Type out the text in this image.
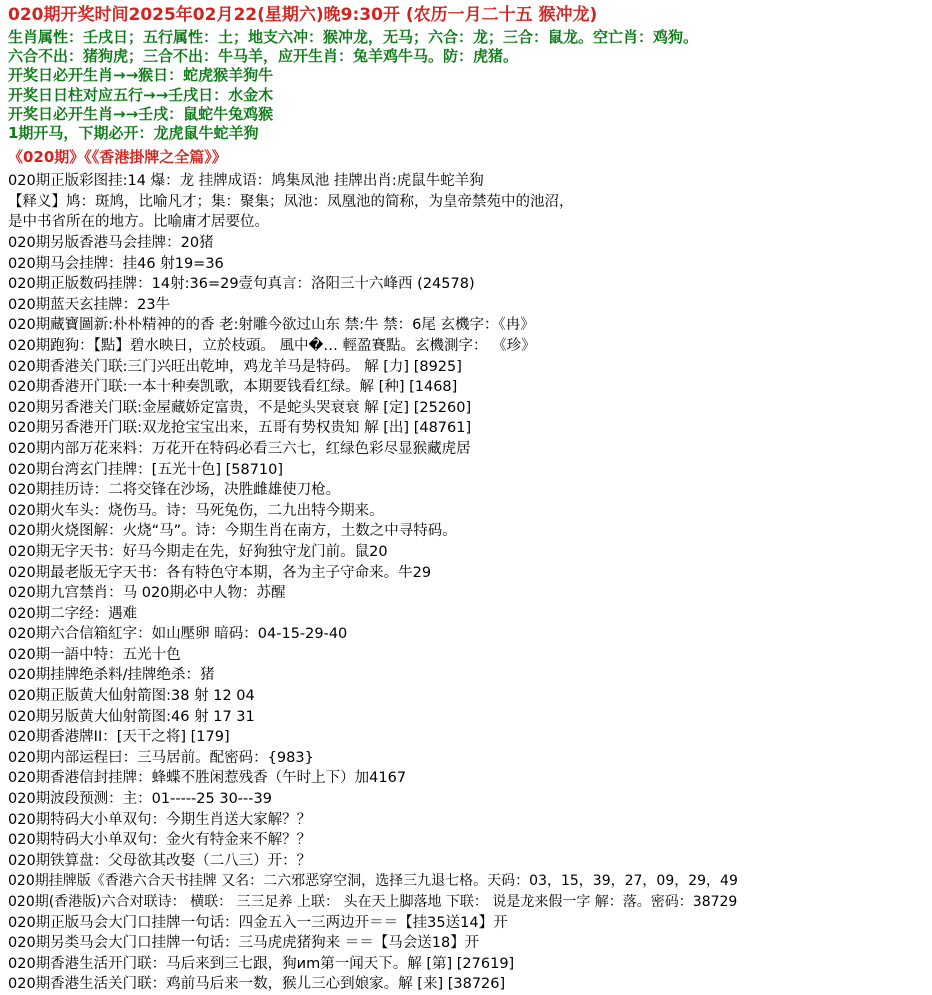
020期开奖时间2025年02月22(星期六)晚9:30开 (农历一月二十五 猴冲龙)
生肖属性：壬戌日；五行属性：土；地支六冲：猴冲龙，无马；六合：龙；三合：鼠龙。空亡肖：鸡狗。
六合不出：猪狗虎；三合不出：牛马羊，应开生肖：兔羊鸡牛马。防：虎猪。
开奖日必开生肖→→猴日：蛇虎猴羊狗牛
开奖日日柱对应五行→→壬戌日：水金木
开奖日必开生肖→→壬戌：鼠蛇牛兔鸡猴
1期开马，下期必开：龙虎鼠牛蛇羊狗
《020期》《《香港掛牌之全篇》》
020期正版彩图挂:14 爆：龙 挂牌成语：鸠集凤池 挂牌出肖:虎鼠牛蛇羊狗
【释义】鸠：斑鸠，比喻凡才；集：聚集；凤池：凤凰池的简称，为皇帝禁苑中的池沼，
是中书省所在的地方。比喻庸才居要位。
020期另版香港马会挂牌：20猪
020期马会挂牌：挂46 射19=36
020期正版数码挂牌：14射:36=29壹句真言：洛阳三十六峰西 (24578)
020期蓝天玄挂牌：23牛
020期藏寶圖新:朴朴精神的的香 老:射雕今欲过山东 禁:牛 禁：6尾 玄機字：《冉》
020期跑狗：【點】碧水映日，立於枝頭。 風中�… 輕盈賽點。玄機測字： 《珍》
020期香港关门联:三门兴旺出乾坤，鸡龙羊马是特码。 解 [力] [8925]
020期香港开门联:一本十种奏凯歌，本期要钱看红绿。解 [种] [1468]
020期另香港关门联:金屋藏娇定富贵，不是蛇头哭衰衰 解 [定] [25260]
020期另香港开门联:双龙抢宝宝出来，五哥有势权贵知 解 [出] [48761]
020期内部万花来料：万花开在特码必看三六七，红绿色彩尽显猴藏虎居
020期台湾玄门挂牌：[五光十色] [58710]
020期挂历诗：二将交锋在沙场，决胜雌雄使刀枪。
020期火车头：烧伤马。诗：马死兔伤，二九出特今期来。
020期火烧图解：火烧“马”。诗：今期生肖在南方，土数之中寻特码。
020期无字天书：好马今期走在先，好狗独守龙门前。鼠20
020期最老版无字天书：各有特色守本期，各为主子守命来。牛29
020期九宫禁肖：马 020期必中人物：苏醒
020期二字经：遇难
020期六合信箱紅字：如山壓卵 暗码：04-15-29-40
020期一語中特：五光十色
020期挂牌绝杀料/挂牌绝杀：猪
020期正版黄大仙射箭图:38 射 12 04
020期另版黄大仙射箭图:46 射 17 31
020期香港牌II：[天干之将] [179]
020期内部运程曰：三马居前。配密码：{983}
020期香港信封挂牌：蜂蝶不胜闲惹残香（午时上下）加4167
020期波段预测：主：01-----25 30---39
020期特码大小单双句：今期生肖送大家解？？
020期特码大小单双句：金火有特金来不解？？
020期铁算盘：父母欲其改娶（二八三）开：？
020期挂牌版《香港六合天书挂牌 又名：二六邪恶穿空洞，选择三九退七格。天码：03，15，39，27，09，29，49
020期(香港版)六合对联诗： 横联： 三三足养 上联： 头在天上脚落地 下联： 说是龙来假一字 解：落。密码：38729
020期正版马会大门口挂牌一句话：四金五入一三两边开＝＝【挂35送14】开
020期另类马会大门口挂牌一句话：三马虎虎猪狗来 ＝＝【马会送18】开
020期香港生活开门联：马后来到三七跟，狗иm第一闻天下。解 [第] [27619]
020期香港生活关门联：鸡前马后来一数，猴儿三心到娘家。解 [来] [38726]
